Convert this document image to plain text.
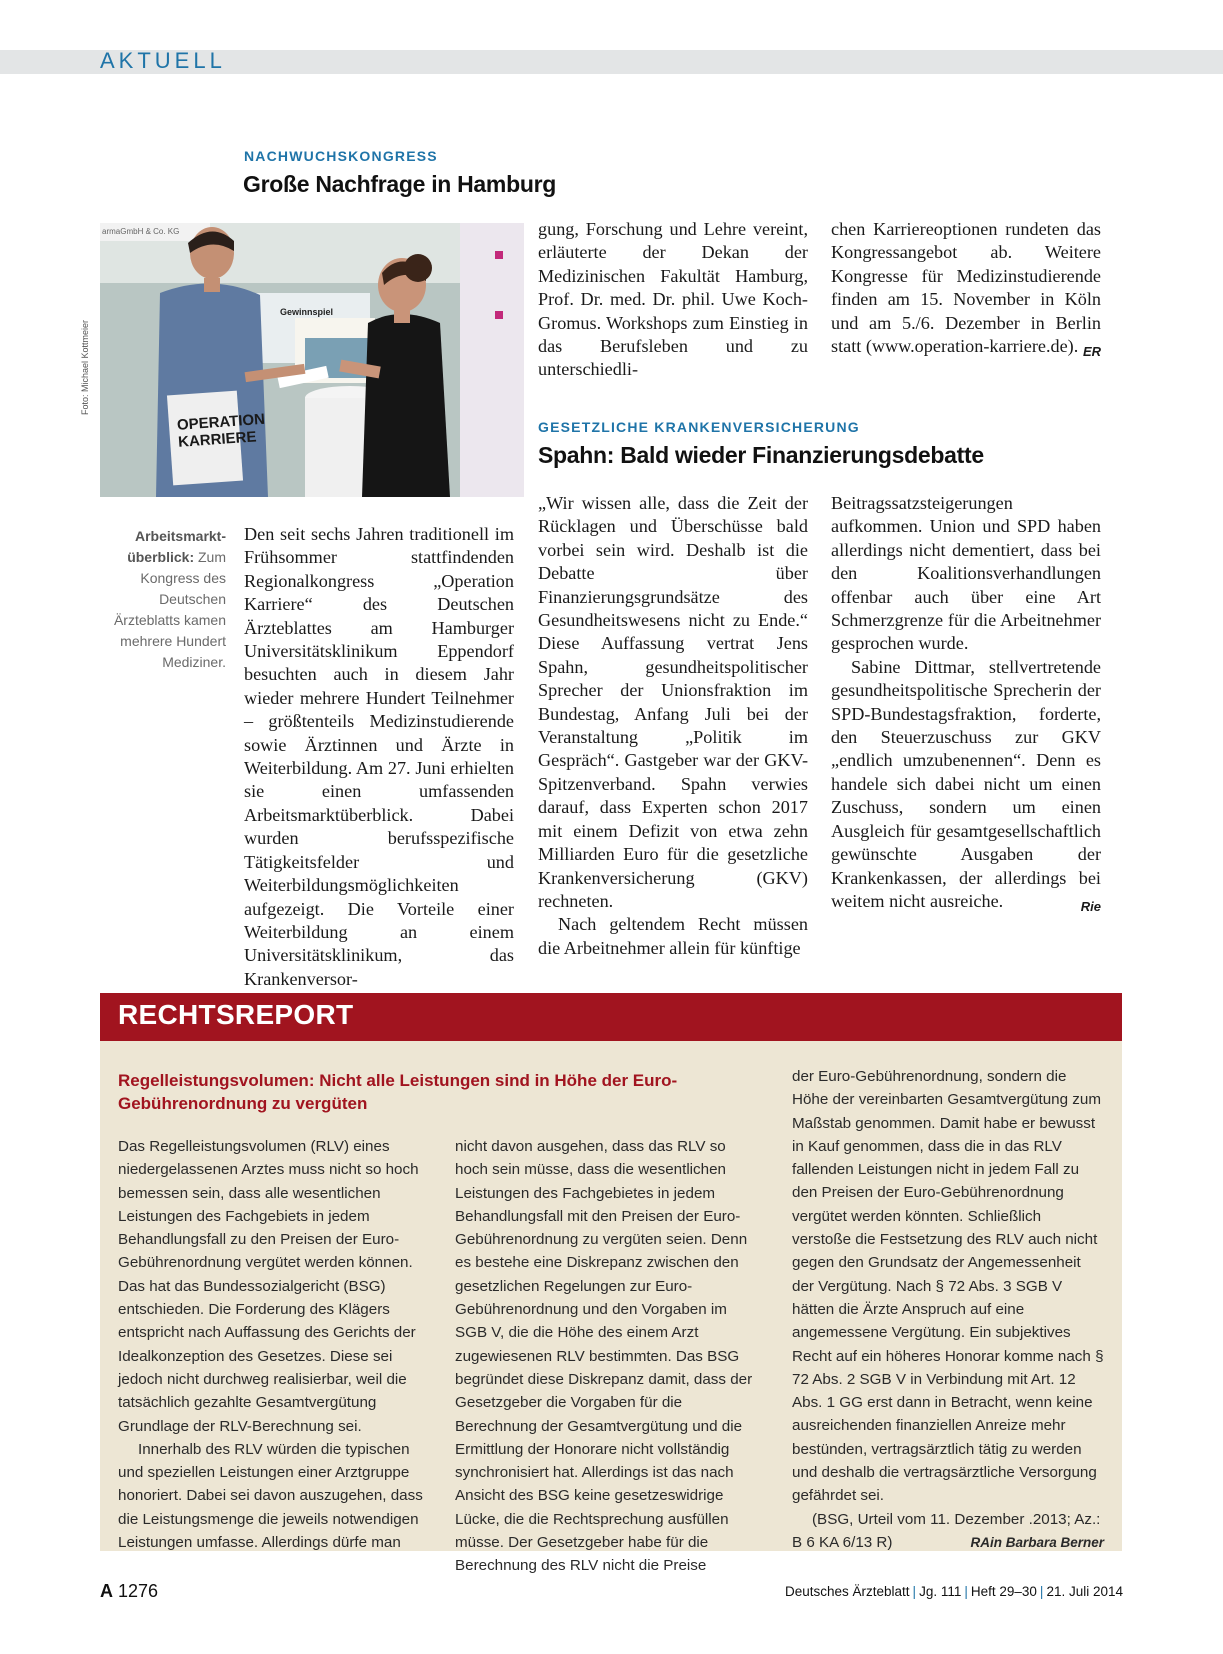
AKTUELL
NACHWUCHSKONGRESS
Große Nachfrage in Hamburg
OPERATION
KARRIERE
armaGmbH & Co. KG
Gewinnspiel
Foto: Michael Kottmeier
Arbeitsmarkt-überblick: Zum Kongress des Deutschen Ärzteblatts kamen mehrere Hundert Mediziner.

Den seit sechs Jahren traditionell im Frühsommer stattfindenden Regionalkongress „Operation Karriere“ des Deutschen Ärzteblattes am Hamburger Universitätsklinikum Eppendorf besuchten auch in diesem Jahr wieder mehrere Hundert Teilnehmer – größtenteils Medizinstudierende sowie Ärztinnen und Ärzte in Weiterbildung. Am 27. Juni erhielten sie einen umfassenden Arbeitsmarktüberblick. Dabei wurden berufsspezifische Tätigkeitsfelder und Weiterbildungsmöglichkeiten aufgezeigt. Die Vorteile einer Weiterbildung an einem Universitätsklinikum, das Krankenversor-

gung, Forschung und Lehre vereint, erläuterte der Dekan der Medizinischen Fakultät Hamburg, Prof. Dr. med. Dr. phil. Uwe Koch-Gromus. Workshops zum Einstieg in das Berufsleben und zu unterschiedli-

chen Karriereoptionen rundeten das Kongressangebot ab. Weitere Kongresse für Medizinstudierende finden am 15. November in Köln und am 5./6. Dezember in Berlin statt (www.operation-karriere.de). ER

GESETZLICHE KRANKENVERSICHERUNG
Spahn: Bald wieder Finanzierungsdebatte

„Wir wissen alle, dass die Zeit der Rücklagen und Überschüsse bald vorbei sein wird. Deshalb ist die Debatte über Finanzierungsgrundsätze des Gesundheitswesens nicht zu Ende.“ Diese Auffassung vertrat Jens Spahn, gesundheitspolitischer Sprecher der Unionsfraktion im Bundestag, Anfang Juli bei der Veranstaltung „Politik im Gespräch“. Gastgeber war der GKV-Spitzenverband. Spahn verwies darauf, dass Experten schon 2017 mit einem Defizit von etwa zehn Milliarden Euro für die gesetzliche Krankenversicherung (GKV) rechneten.

Nach geltendem Recht müssen die Arbeitnehmer allein für künftige

Beitragssatzsteigerungen aufkommen. Union und SPD haben allerdings nicht dementiert, dass bei den Koalitionsverhandlungen offenbar auch über eine Art Schmerzgrenze für die Arbeitnehmer gesprochen wurde.

Sabine Dittmar, stellvertretende gesundheitspolitische Sprecherin der SPD-Bundestagsfraktion, forderte, den Steuerzuschuss zur GKV „endlich umzubenennen“. Denn es handele sich dabei nicht um einen Zuschuss, sondern um einen Ausgleich für gesamtgesellschaftlich gewünschte Ausgaben der Krankenkassen, der allerdings bei weitem nicht ausreiche.	Rie

RECHTSREPORT
Regelleistungsvolumen: Nicht alle Leistungen sind in Höhe der Euro-Gebührenordnung zu vergüten

Das Regelleistungsvolumen (RLV) eines niedergelassenen Arztes muss nicht so hoch bemessen sein, dass alle wesentlichen Leistungen des Fachgebiets in jedem Behandlungsfall zu den Preisen der Euro-Gebührenordnung vergütet werden können. Das hat das Bundessozialgericht (BSG) entschieden. Die Forderung des Klägers entspricht nach Auffassung des Gerichts der Idealkonzeption des Gesetzes. Diese sei jedoch nicht durchweg realisierbar, weil die tatsächlich gezahlte Gesamtvergütung Grundlage der RLV-Berechnung sei.

Innerhalb des RLV würden die typischen und speziellen Leistungen einer Arztgruppe honoriert. Dabei sei davon auszugehen, dass die Leistungsmenge die jeweils notwendigen Leistungen umfasse. Allerdings dürfe man

nicht davon ausgehen, dass das RLV so hoch sein müsse, dass die wesentlichen Leistungen des Fachgebietes in jedem Behandlungsfall mit den Preisen der Euro-Gebührenordnung zu vergüten seien. Denn es bestehe eine Diskrepanz zwischen den gesetzlichen Regelungen zur Euro-Gebührenordnung und den Vorgaben im SGB V, die die Höhe des einem Arzt zugewiesenen RLV bestimmten. Das BSG begründet diese Diskrepanz damit, dass der Gesetzgeber die Vorgaben für die Berechnung der Gesamtvergütung und die Ermittlung der Honorare nicht vollständig synchronisiert hat. Allerdings ist das nach Ansicht des BSG keine gesetzeswidrige Lücke, die die Rechtsprechung ausfüllen müsse. Der Gesetzgeber habe für die Berechnung des RLV nicht die Preise

der Euro-Gebührenordnung, sondern die Höhe der vereinbarten Gesamtvergütung zum Maßstab genommen. Damit habe er bewusst in Kauf genommen, dass die in das RLV fallenden Leistungen nicht in jedem Fall zu den Preisen der Euro-Gebührenordnung vergütet werden könnten. Schließlich verstoße die Festsetzung des RLV auch nicht gegen den Grundsatz der Angemessenheit der Vergütung. Nach § 72 Abs. 3 SGB V hätten die Ärzte Anspruch auf eine angemessene Vergütung. Ein subjektives Recht auf ein höheres Honorar komme nach § 72 Abs. 2 SGB V in Verbindung mit Art. 12 Abs. 1 GG erst dann in Betracht, wenn keine ausreichenden finanziellen Anreize mehr bestünden, vertragsärztlich tätig zu werden und deshalb die vertragsärztliche Versorgung gefährdet sei.

(BSG, Urteil vom 11. Dezember .2013; Az.: B 6 KA 6/13 R)	RAin Barbara Berner

A 1276	Deutsches Ärzteblatt | Jg. 111 | Heft 29–30 | 21. Juli 2014
